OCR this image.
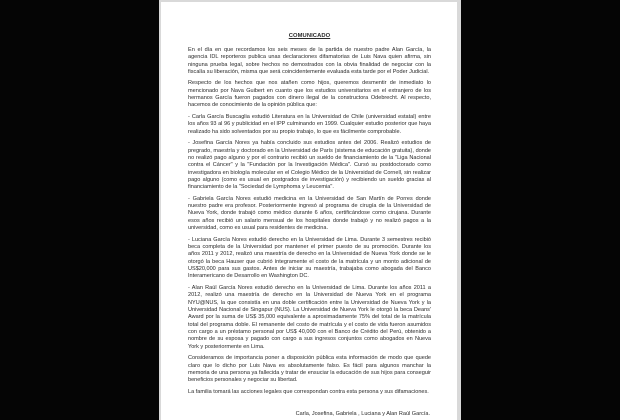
COMUNICADO

En el día en que recordamos los seis meses de la partida de nuestro padre Alan García, la agencia IDL reporteros publica unas declaraciones difamatorias de Luis Nava quien afirma, sin ninguna prueba legal, sobre hechos no demostrados con la obvia finalidad de negociar con la fiscalía su liberación, misma que será coincidentemente evaluada esta tarde por el Poder Judicial.

Respecto de los hechos que nos atañen como hijos, queremos desmentir de inmediato lo mencionado por Nava Guibert en cuanto que los estudios universitarios en el extranjero de los hermanos García fueron pagados con dinero ilegal de la constructora Odebrecht. Al respecto, hacemos de conocimiento de la opinión pública que:

- Carla García Buscaglia estudió Literatura en la Universidad de Chile (universidad estatal) entre los años 93 al 96 y publicidad en el IPP culminando en 1999. Cualquier estudio posterior que haya realizado ha sido solventados por su propio trabajo, lo que es fácilmente comprobable.

- Josefina García Nores ya había concluido sus estudios antes del 2006. Realizó estudios de pregrado, maestría y doctorado en la Universidad de París (sistema de educación gratuita), donde no realizó pago alguno y por el contrario recibió un sueldo de financiamiento de la "Liga Nacional contra el Cáncer" y la "Fundación por la Investigación Médica". Cursó su postdoctorado como investigadora en biología molecular en el Colegio Médico de la Universidad de Cornell, sin realizar pago alguno (como es usual en postgrados de investigación) y recibiendo un sueldo gracias al financiamiento de la "Sociedad de Lymphoma y Leucemia".

- Gabriela García Nores estudió medicina en la Universidad de San Martín de Porres donde nuestro padre era profesor. Posteriormente ingresó al programa de cirugía de la Universidad de Nueva York, donde trabajó como médico durante 6 años, certificándose como cirujana. Durante esos años recibió un salario mensual de los hospitales donde trabajó y no realizó pagos a la universidad, como es usual para residentes de medicina.

- Luciana García Nores estudió derecho en la Universidad de Lima. Durante 3 semestres recibió beca completa de la Universidad por mantener el primer puesto de su promoción. Durante los años 2011 y 2012, realizó una maestría de derecho en la Universidad de Nueva York donde se le otorgó la beca Hauser que cubrió íntegramente el costo de la matrícula y un monto adicional de US$20,000 para sus gastos. Antes de iniciar su maestría, trabajaba como abogada del Banco Interamericano de Desarrollo en Washington DC.

- Alan Raúl García Nores estudió derecho en la Universidad de Lima. Durante los años 2011 a 2012, realizó una maestría de derecho en la Universidad de Nueva York en el programa NYU@NUS, la que consistía en una doble certificación entre la Universidad de Nueva York y la Universidad Nacional de Singapur (NUS). La Universidad de Nueva York le otorgó la beca Deans' Award por la suma de US$ 35,000 equivalente a aproximadamente 75% del total de la matrícula total del programa doble. El remanente del costo de matrícula y el costo de vida fueron asumidos con cargo a un préstamo personal por US$ 40,000 con el Banco de Crédito del Perú, obtenido a nombre de su esposa y pagado con cargo a sus ingresos conjuntos como abogados en Nueva York y posteriormente en Lima.

Consideramos de importancia poner a disposición pública esta información de modo que quede claro que lo dicho por Luis Nava es absolutamente falso. Es fácil para algunos manchar la memoria de una persona ya fallecida y tratar de ensuciar la educación de sus hijos para conseguir beneficios personales y negociar su libertad.

La familia tomará las acciones legales que correspondan contra esta persona y sus difamaciones.

Carla, Josefina, Gabriela , Luciana y Alan Raúl García.
